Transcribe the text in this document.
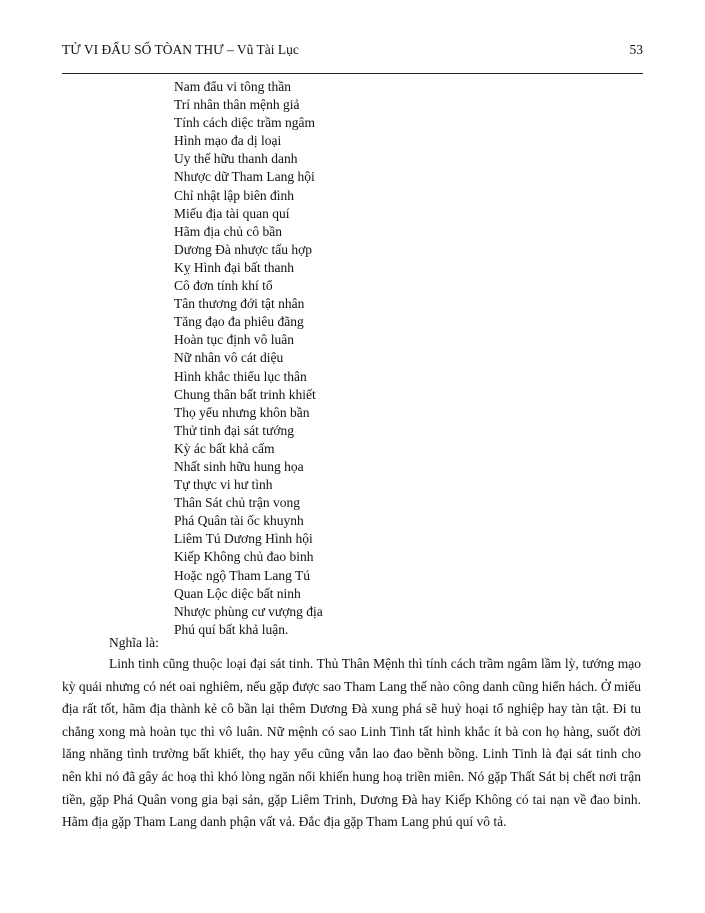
TỬ VI ĐẨU SỐ TÒAN THƯ – Vũ Tài Lục	53
Nam đẩu vi tông thần
Trí nhân thân mệnh giả
Tính cách diệc trầm ngâm
Hình mạo đa dị loại
Uy thế hữu thanh danh
Nhược dữ Tham Lang hội
Chỉ nhật lập biên đình
Miếu địa tài quan quí
Hãm địa chủ cô bần
Dương Đà nhược tấu hợp
Kỵ Hình đại bất thanh
Cô đơn tính khí tổ
Tân thương đới tật nhân
Tăng đạo đa phiêu đãng
Hoàn tục định vô luân
Nữ nhân vô cát diệu
Hình khắc thiểu lục thân
Chung thân bất trinh khiết
Thọ yểu nhưng khôn bần
Thử tinh đại sát tướng
Kỳ ác bất khả cấm
Nhất sinh hữu hung họa
Tự thực vi hư tình
Thân Sát chủ trận vong
Phá Quân tài ốc khuynh
Liêm Tú Dương Hình hội
Kiếp Không chủ đao binh
Hoặc ngộ Tham Lang Tú
Quan Lộc diệc bất ninh
Nhược phùng cư vượng địa
Phú quí bất khả luận.
Nghĩa là:

Linh tinh cũng thuộc loại đại sát tinh. Thủ Thân Mệnh thì tính cách trầm ngâm lầm lỳ, tướng mạo kỳ quái nhưng có nét oai nghiêm, nếu gặp được sao Tham Lang thế nào công danh cũng hiển hách. Ở miếu địa rất tốt, hãm địa thành kẻ cô bần lại thêm Dương Đà xung phá sẽ huỷ hoại tổ nghiệp hay tàn tật. Đi tu chẳng xong mà hoàn tục thì vô luân. Nữ mệnh có sao Linh Tinh tất hình khắc ít bà con họ hàng, suốt đời lăng nhăng tình trường bất khiết, thọ hay yểu cũng vẫn lao đao bềnh bồng. Linh Tinh là đại sát tinh cho nên khi nó đã gây ác hoạ thì khó lòng ngăn nổi khiến hung hoạ triền miên. Nó gặp Thất Sát bị chết nơi trận tiền, gặp Phá Quân vong gia bại sản, gặp Liêm Trinh, Dương Đà hay Kiếp Không có tai nạn về đao binh. Hãm địa gặp Tham Lang danh phận vất vả. Đắc địa gặp Tham Lang phú quí vô tả.
